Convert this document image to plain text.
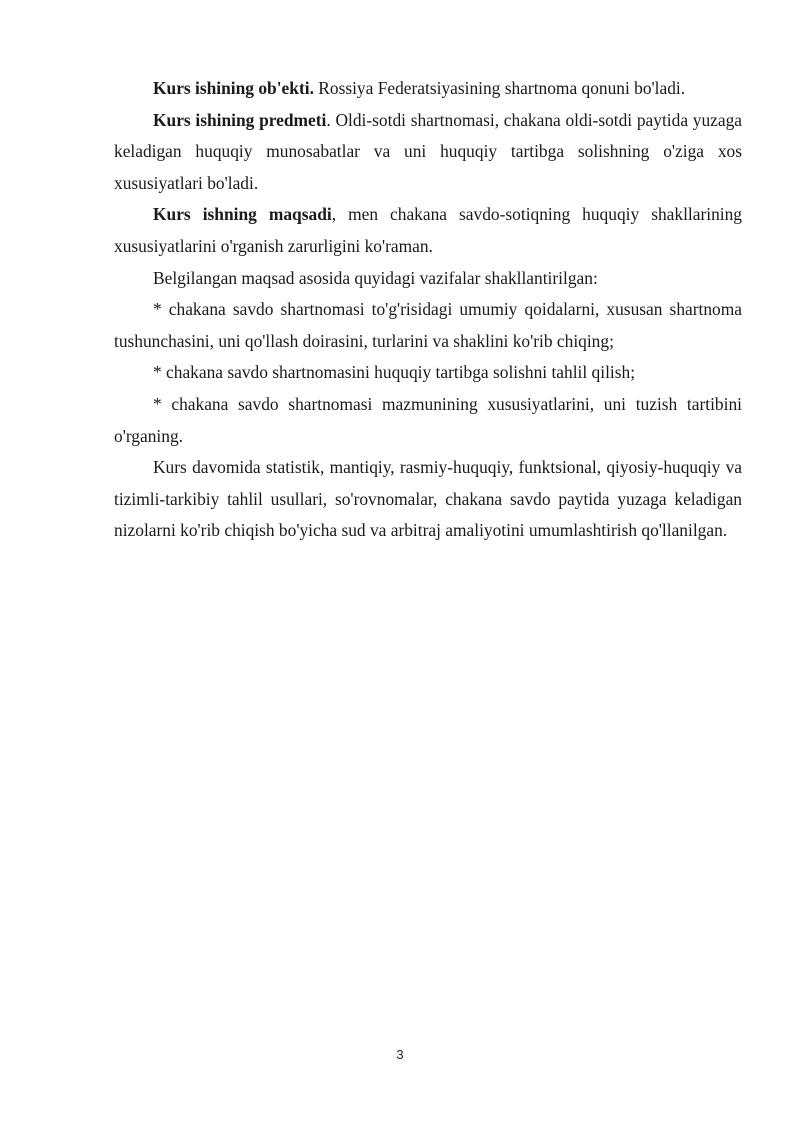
Kurs ishining ob'ekti. Rossiya Federatsiyasining shartnoma qonuni bo'ladi.

Kurs ishining predmeti. Oldi-sotdi shartnomasi, chakana oldi-sotdi paytida yuzaga keladigan huquqiy munosabatlar va uni huquqiy tartibga solishning o'ziga xos xususiyatlari bo'ladi.

Kurs ishning maqsadi, men chakana savdo-sotiqning huquqiy shakllarining xususiyatlarini o'rganish zarurligini ko'raman.

Belgilangan maqsad asosida quyidagi vazifalar shakllantirilgan:

* chakana savdo shartnomasi to'g'risidagi umumiy qoidalarni, xususan shartnoma tushunchasini, uni qo'llash doirasini, turlarini va shaklini ko'rib chiqing;

* chakana savdo shartnomasini huquqiy tartibga solishni tahlil qilish;

* chakana savdo shartnomasi mazmunining xususiyatlarini, uni tuzish tartibini o'rganing.

Kurs davomida statistik, mantiqiy, rasmiy-huquqiy, funktsional, qiyosiy-huquqiy va tizimli-tarkibiy tahlil usullari, so'rovnomalar, chakana savdo paytida yuzaga keladigan nizolarni ko'rib chiqish bo'yicha sud va arbitraj amaliyotini umumlashtirish qo'llanilgan.

3
